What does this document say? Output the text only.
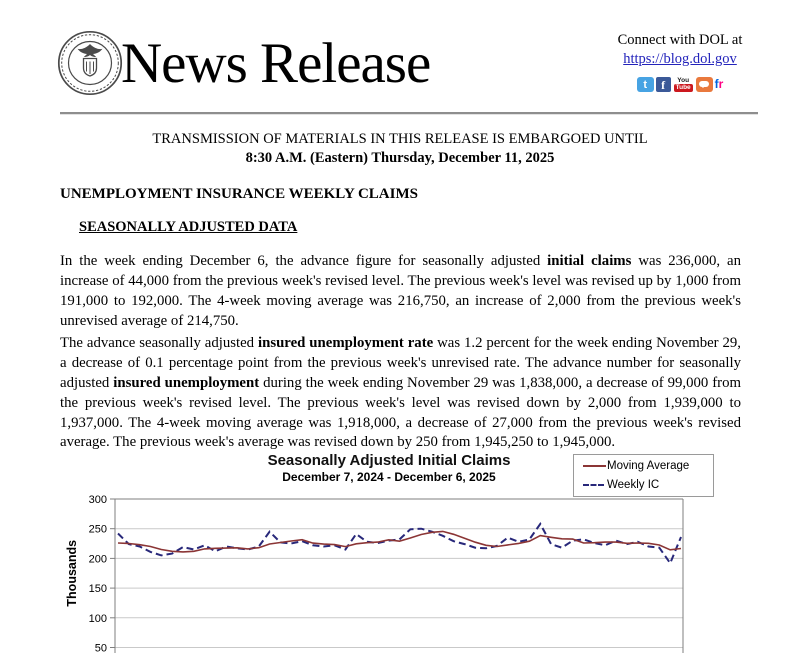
News Release	Connect with DOL at
https://blog.dol.gov
t	f	You
Tube fr
TRANSMISSION OF MATERIALS IN THIS RELEASE IS EMBARGOED UNTIL
8:30 A.M. (Eastern) Thursday, December 11, 2025
UNEMPLOYMENT INSURANCE WEEKLY CLAIMS
SEASONALLY ADJUSTED DATA
In the week ending December 6, the advance figure for seasonally adjusted initial claims was 236,000, an increase of 44,000 from the previous week's revised level. The previous week's level was revised up by 1,000 from 191,000 to 192,000. The 4-week moving average was 216,750, an increase of 2,000 from the previous week's unrevised average of 214,750.
The advance seasonally adjusted insured unemployment rate was 1.2 percent for the week ending November 29, a decrease of 0.1 percentage point from the previous week's unrevised rate. The advance number for seasonally adjusted insured unemployment during the week ending November 29 was 1,838,000, a decrease of 99,000 from the previous week's revised level. The previous week's level was revised down by 2,000 from 1,939,000 to 1,937,000. The 4-week moving average was 1,918,000, a decrease of 27,000 from the previous week's revised average. The previous week's average was revised down by 250 from 1,945,250 to 1,945,000.
Seasonally Adjusted Initial Claims
December 7, 2024 - December 6, 2025
Moving Average
Weekly IC
300
250
200
150
100
50
Thousands
